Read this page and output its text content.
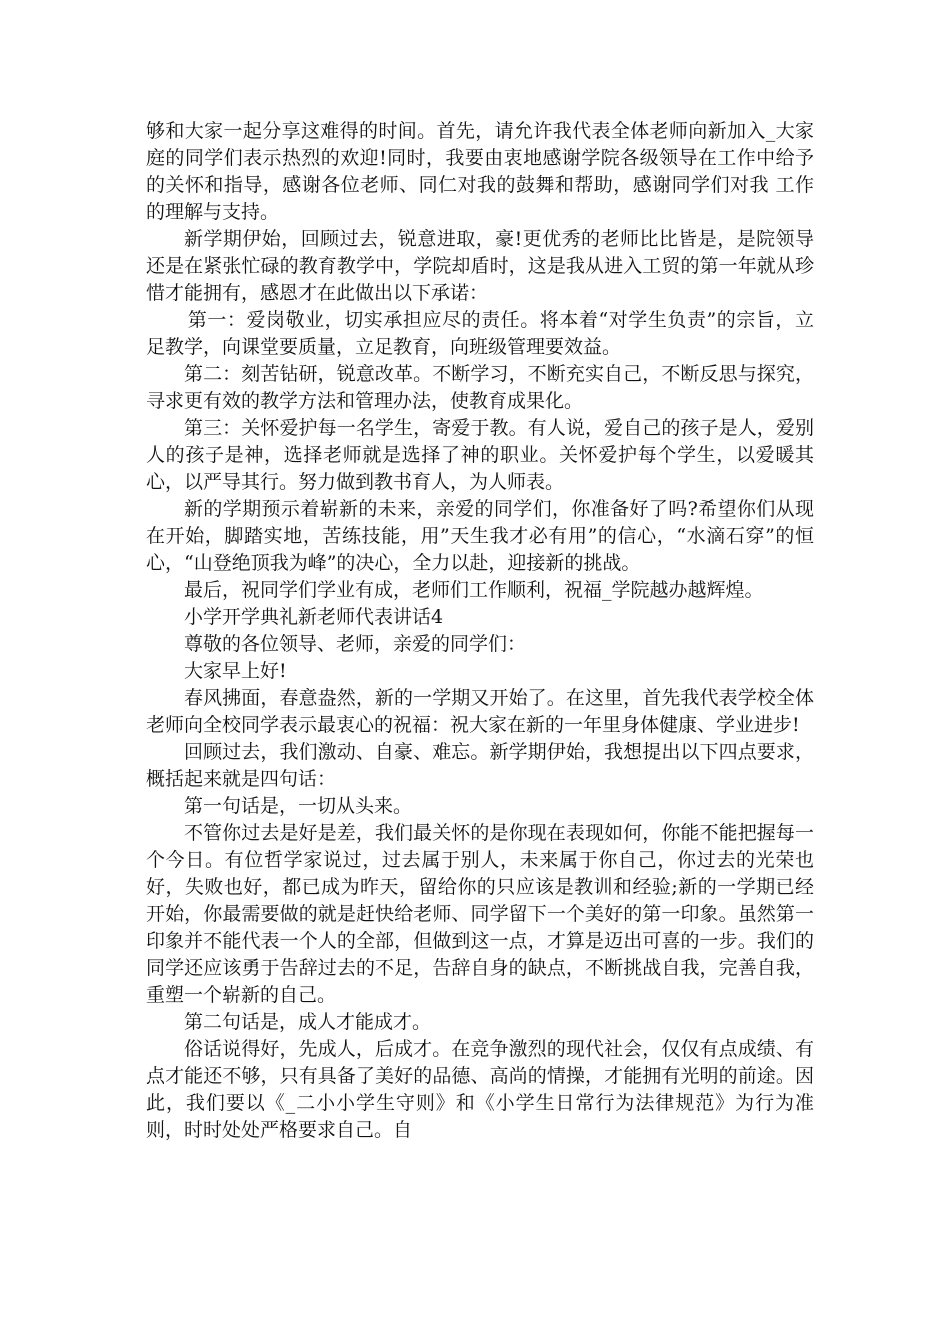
够和大家一起分享这难得的时间。首先，请允许我代表全体老师向新加入_大家庭的同学们表示热烈的欢迎!同时，我要由衷地感谢学院各级领导在工作中给予的关怀和指导，感谢各位老师、同仁对我的鼓舞和帮助，感谢同学们对我 工作的理解与支持。

新学期伊始，回顾过去，锐意进取，豪!更优秀的老师比比皆是，是院领导还是在紧张忙碌的教育教学中，学院却盾时，这是我从进入工贸的第一年就从珍惜才能拥有，感恩才在此做出以下承诺：

第一：爱岗敬业，切实承担应尽的责任。将本着“对学生负责”的宗旨，立足教学，向课堂要质量，立足教育，向班级管理要效益。

第二：刻苦钻研，锐意改革。不断学习，不断充实自己，不断反思与探究，寻求更有效的教学方法和管理办法，使教育成果化。

第三：关怀爱护每一名学生，寄爱于教。有人说，爱自己的孩子是人，爱别人的孩子是神，选择老师就是选择了神的职业。关怀爱护每个学生，以爱暖其心，以严导其行。努力做到教书育人，为人师表。

新的学期预示着崭新的未来，亲爱的同学们，你准备好了吗?希望你们从现在开始，脚踏实地，苦练技能，用”天生我才必有用”的信心，“水滴石穿”的恒心，“山登绝顶我为峰”的决心，全力以赴，迎接新的挑战。

最后，祝同学们学业有成，老师们工作顺利，祝福_学院越办越辉煌。

小学开学典礼新老师代表讲话4

尊敬的各位领导、老师，亲爱的同学们：

大家早上好!

春风拂面，春意盎然，新的一学期又开始了。在这里，首先我代表学校全体老师向全校同学表示最衷心的祝福：祝大家在新的一年里身体健康、学业进步!

回顾过去，我们激动、自豪、难忘。新学期伊始，我想提出以下四点要求，概括起来就是四句话：

第一句话是，一切从头来。

不管你过去是好是差，我们最关怀的是你现在表现如何，你能不能把握每一个今日。有位哲学家说过，过去属于别人，未来属于你自己，你过去的光荣也好，失败也好，都已成为昨天，留给你的只应该是教训和经验;新的一学期已经开始，你最需要做的就是赶快给老师、同学留下一个美好的第一印象。虽然第一印象并不能代表一个人的全部，但做到这一点，才算是迈出可喜的一步。我们的同学还应该勇于告辞过去的不足，告辞自身的缺点，不断挑战自我，完善自我，重塑一个崭新的自己。

第二句话是，成人才能成才。

俗话说得好，先成人，后成才。在竞争激烈的现代社会，仅仅有点成绩、有点才能还不够，只有具备了美好的品德、高尚的情操，才能拥有光明的前途。因此，我们要以《_二小小学生守则》和《小学生日常行为法律规范》为行为准则，时时处处严格要求自己。自
